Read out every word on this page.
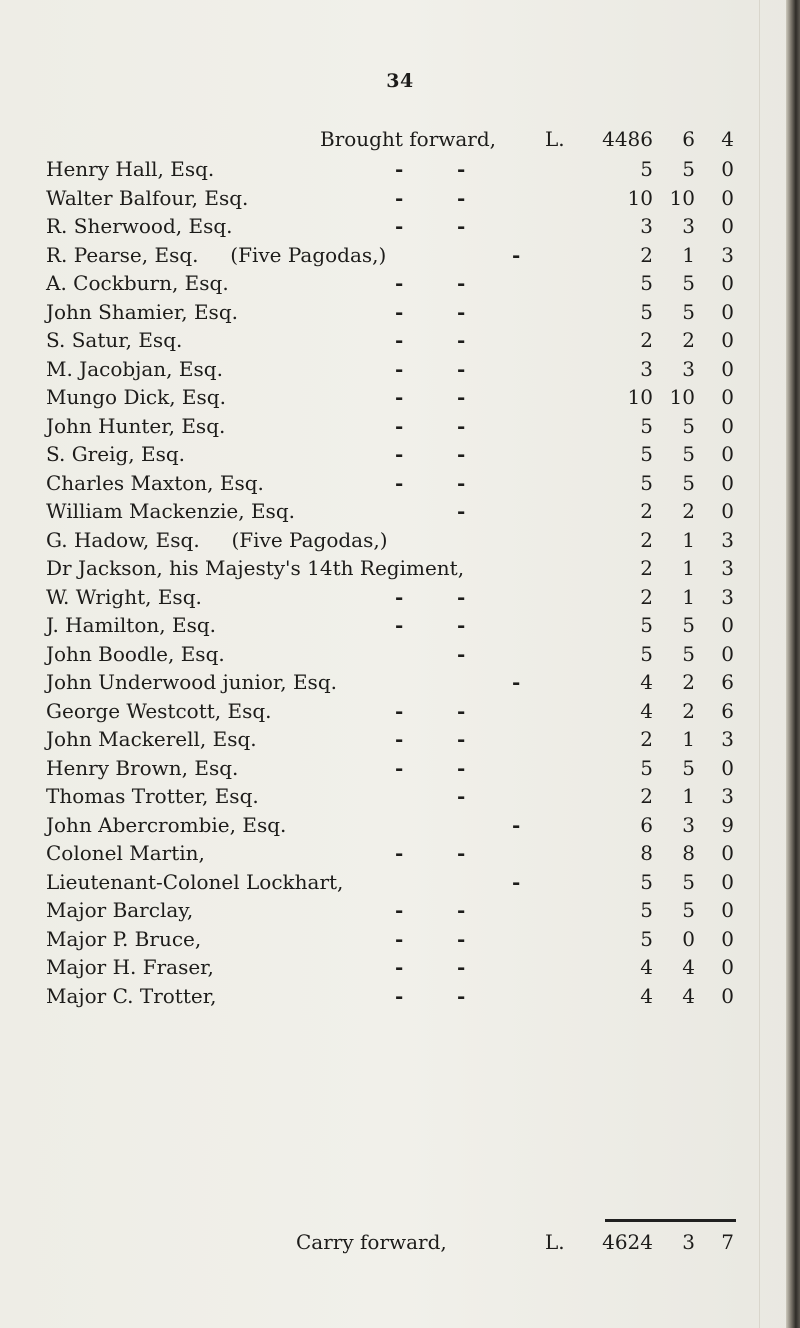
34
Brought forward, L. 4486 6 4
Henry Hall, Esq.	-	-	5 5 0
Walter Balfour, Esq.	-	-	10 10 0
R. Sherwood, Esq.	-	-	3 3 0
R. Pearse, Esq.     (Five Pagodas,)	-	2 1 3
A. Cockburn, Esq.	-	-	5 5 0
John Shamier, Esq.	-	-	5 5 0
S. Satur, Esq.	-	-	2 2 0
M. Jacobjan, Esq.	-	-	3 3 0
Mungo Dick, Esq.	-	-	10 10 0
John Hunter, Esq.	-	-	5 5 0
S. Greig, Esq.	-	-	5 5 0
Charles Maxton, Esq.	-	-	5 5 0
William Mackenzie, Esq.	-	2 2 0
G. Hadow, Esq.     (Five Pagodas,)	2 1 3
Dr Jackson, his Majesty's 14th Regiment,	2 1 3
W. Wright, Esq.	-	-	2 1 3
J. Hamilton, Esq.	-	-	5 5 0
John Boodle, Esq.	-	5 5 0
John Underwood junior, Esq.	-	4 2 6
George Westcott, Esq.	-	-	4 2 6
John Mackerell, Esq.	-	-	2 1 3
Henry Brown, Esq.	-	-	5 5 0
Thomas Trotter, Esq.	-	2 1 3
John Abercrombie, Esq.	-	6 3 9
Colonel Martin,	-	-	8 8 0
Lieutenant-Colonel Lockhart,	-	5 5 0
Major Barclay,	-	-	5 5 0
Major P. Bruce,	-	-	5 0 0
Major H. Fraser,	-	-	4 4 0
Major C. Trotter,	-	-	4 4 0
Carry forward,	L. 4624 3 7
